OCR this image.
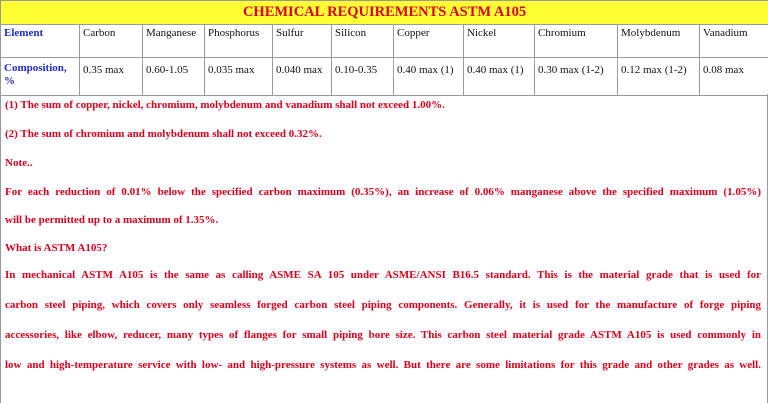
CHEMICAL REQUIREMENTS ASTM A105										
Element	Carbon	Manganese	Phosphorus	Sulfur	Silicon	Copper	Nickel	Chromium	Molybdenum	Vanadium
Composition, %	0.35 max	0.60-1.05	0.035 max	0.040 max	0.10-0.35	0.40 max (1)	0.40 max (1)	0.30 max (1-2)	0.12 max (1-2)	0.08 max

(1) The sum of copper, nickel, chromium, molybdenum and vanadium shall not exceed 1.00%.

(2) The sum of chromium and molybdenum shall not exceed 0.32%.

Note..

For each reduction of 0.01% below the specified carbon maximum (0.35%), an increase of 0.06% manganese above the specified maximum (1.05%)

will be permitted up to a maximum of 1.35%.

What is ASTM A105?

In mechanical ASTM A105 is the same as calling ASME SA 105 under ASME/ANSI B16.5 standard. This is the material grade that is used for

carbon steel piping, which covers only seamless forged carbon steel piping components. Generally, it is used for the manufacture of forge piping

accessories, like elbow, reducer, many types of flanges for small piping bore size. This carbon steel material grade ASTM A105 is used commonly in

low and high-temperature service with low- and high-pressure systems as well. But there are some limitations for this grade and other grades as well.
